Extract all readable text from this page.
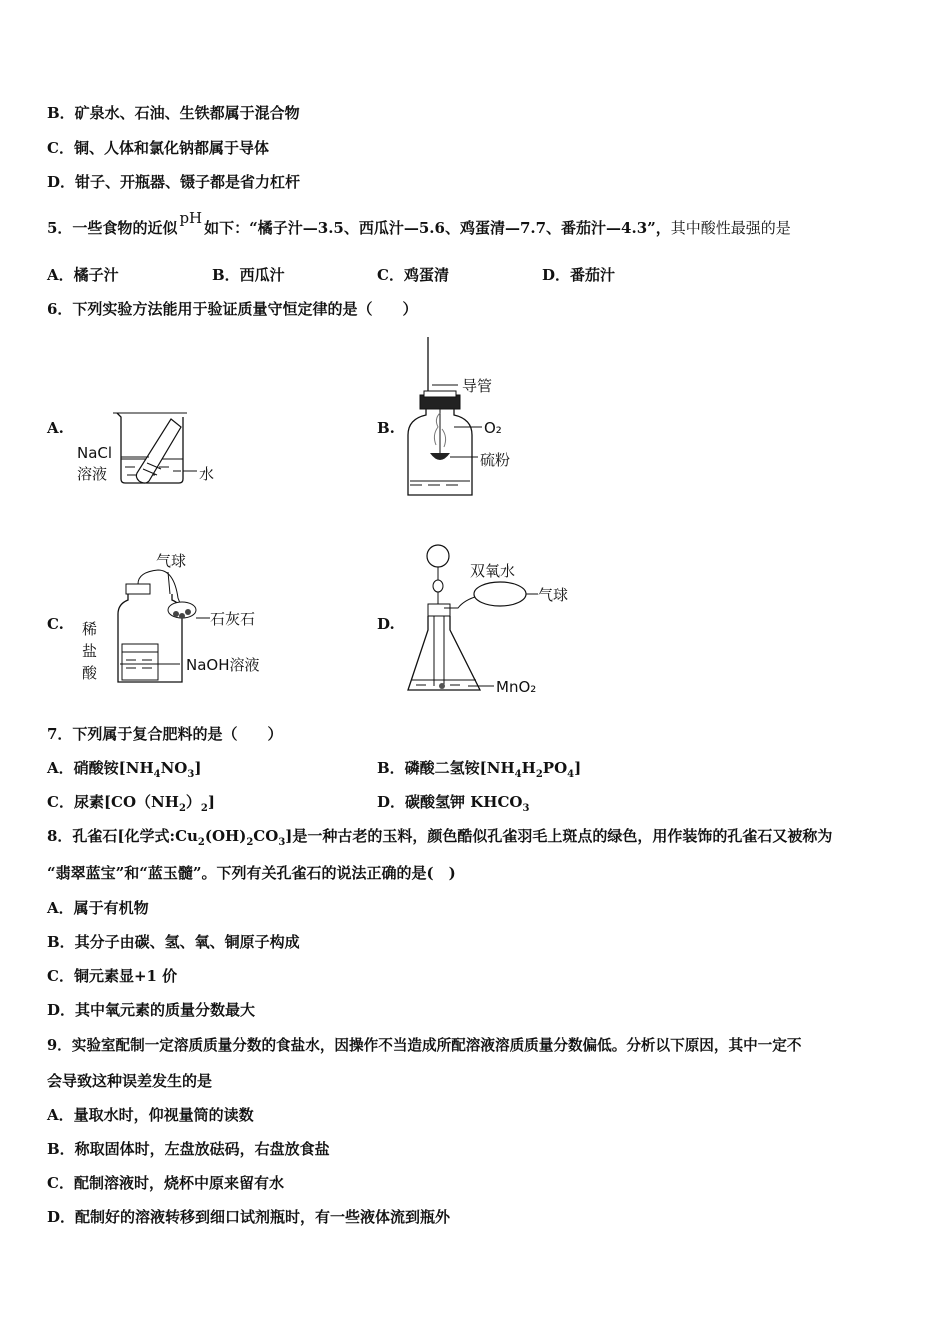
B．矿泉水、石油、生铁都属于混合物
C．铜、人体和氯化钠都属于导体
D．钳子、开瓶器、镊子都是省力杠杆
5．一些食物的近似pH如下：“橘子汁—3.5、西瓜汁—5.6、鸡蛋清—7.7、番茄汁—4.3”，其中酸性最强的是
A．橘子汁	B．西瓜汁	C．鸡蛋清	D．番茄汁
6．下列实验方法能用于验证质量守恒定律的是（　　）
A.	B.
C.	D.
NaCl
溶液	水
导管
O₂
硫粉
气球
石灰石
稀
盐
酸	NaOH溶液
双氧水
气球
MnO₂
7．下列属于复合肥料的是（　　）
A．硝酸铵$[NH_4NO_3]$	B．磷酸二氢铵$[NH_4H_2PO_4]$
C．尿素$[CO(NH_2)_2]$	D．碳酸氢钾 $KHCO_3$
8．孔雀石[化学式$:Cu_2(OH)_2CO_3$]是一种古老的玉料，颜色酷似孔雀羽毛上斑点的绿色，用作装饰的孔雀石又被称为
“翡翠蓝宝”和“蓝玉髓”。下列有关孔雀石的说法正确的是(　)
A．属于有机物
B．其分子由碳、氢、氧、铜原子构成
C．铜元素显+1 价
D．其中氧元素的质量分数最大
9．实验室配制一定溶质质量分数的食盐水，因操作不当造成所配溶液溶质质量分数偏低。分析以下原因，其中一定不
会导致这种误差发生的是
A．量取水时，仰视量筒的读数
B．称取固体时，左盘放砝码，右盘放食盐
C．配制溶液时，烧杯中原来留有水
D．配制好的溶液转移到细口试剂瓶时，有一些液体流到瓶外
